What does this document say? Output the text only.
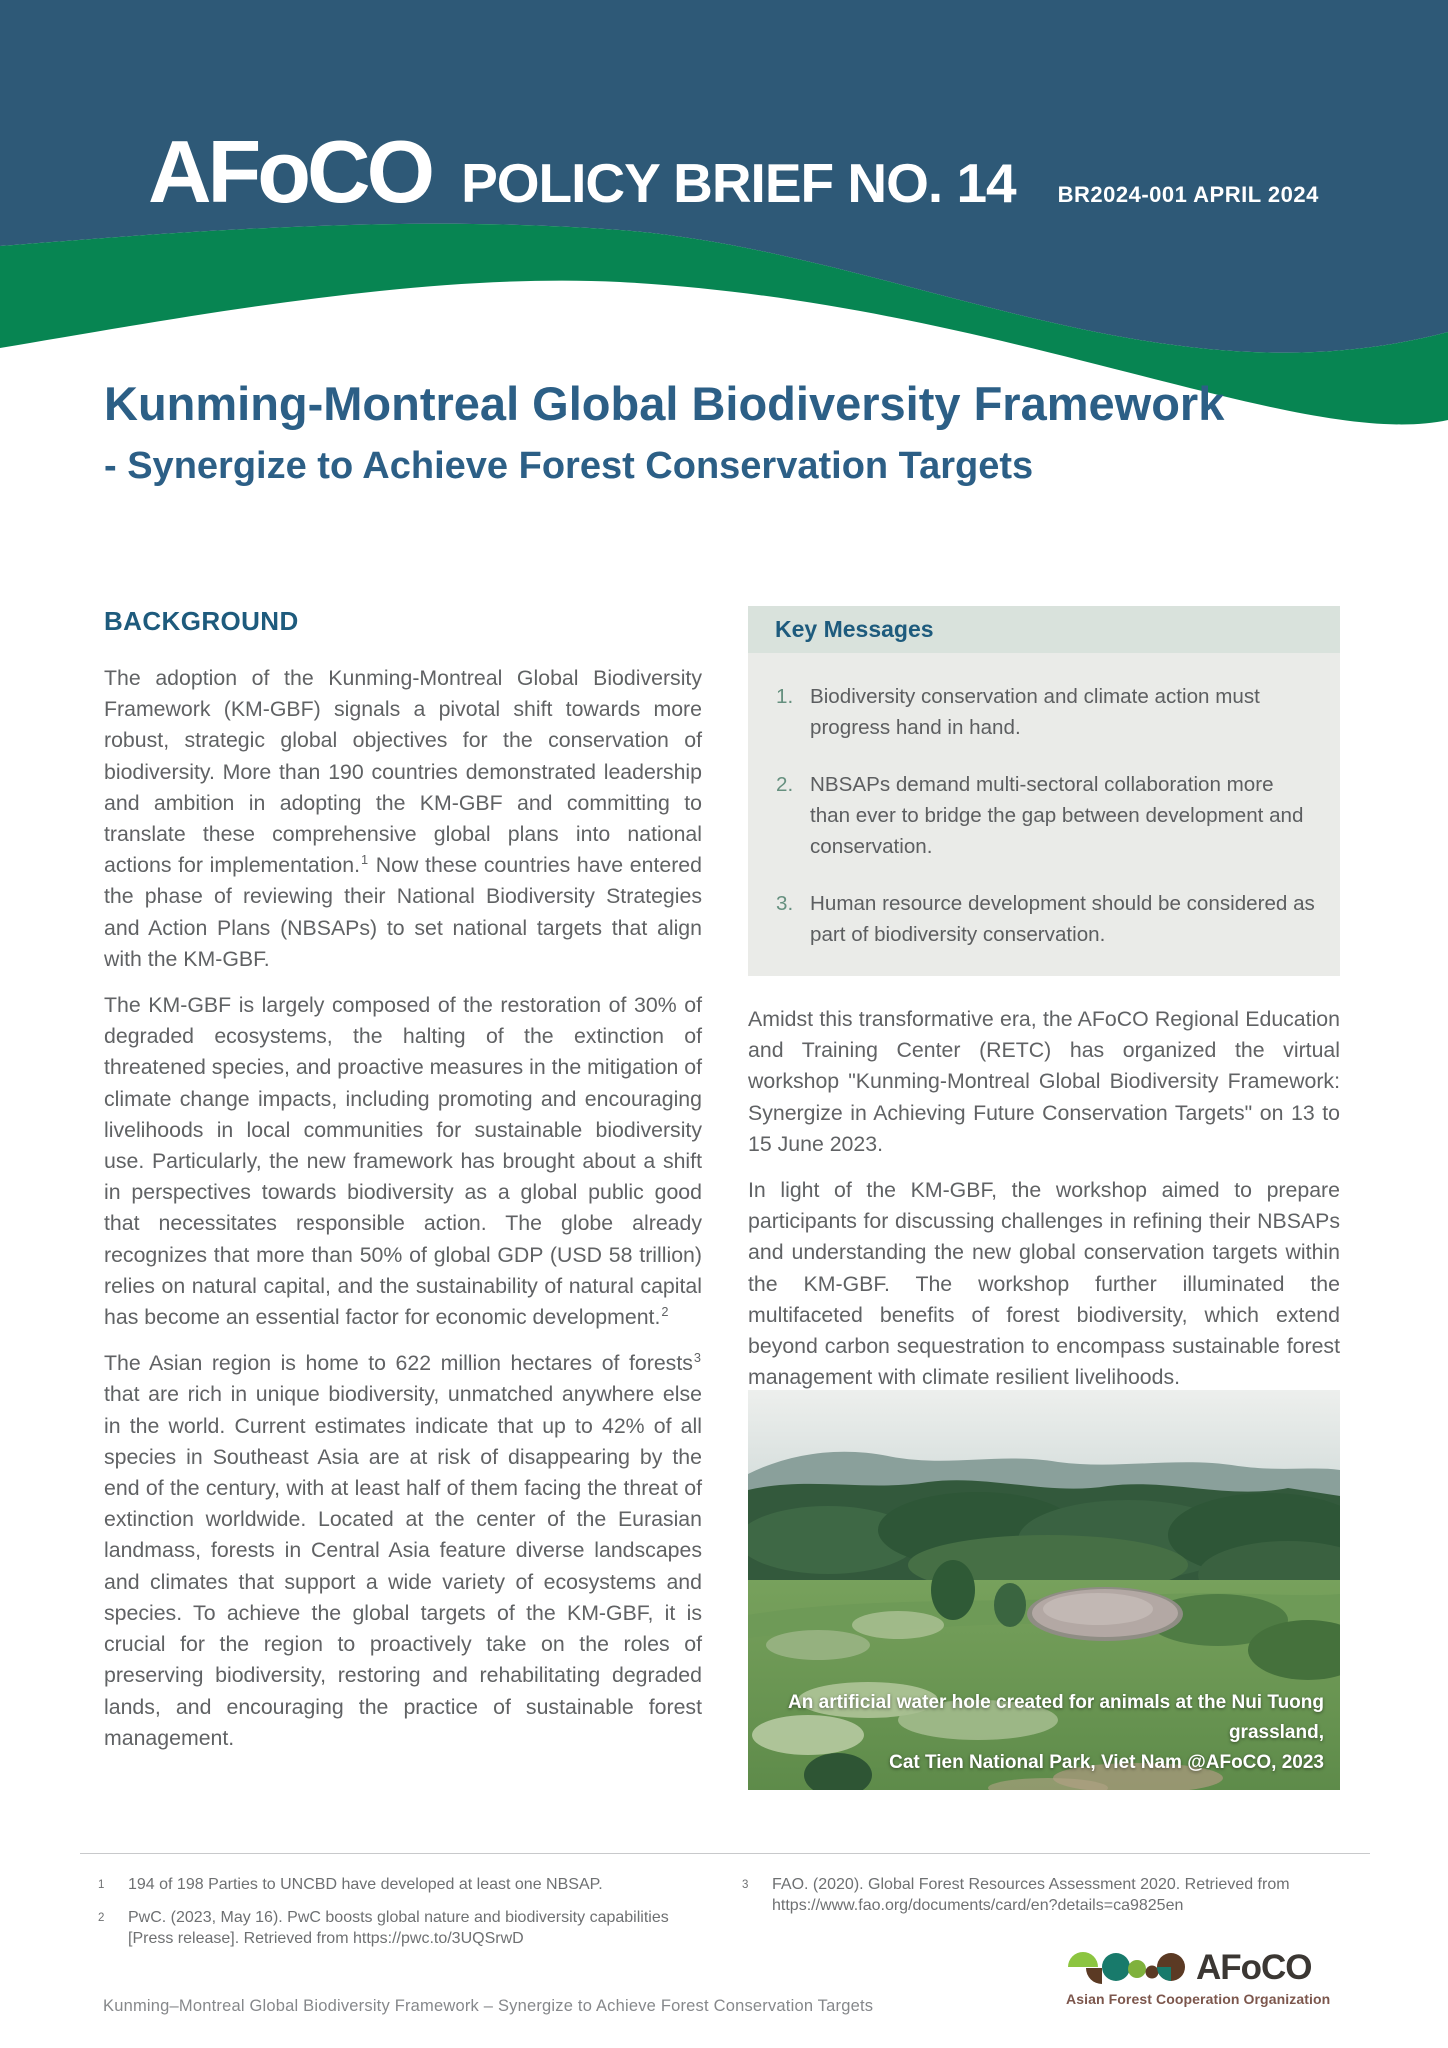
AFoCO POLICY BRIEF NO. 14 BR2024-001 APRIL 2024
Kunming-Montreal Global Biodiversity Framework
- Synergize to Achieve Forest Conservation Targets
BACKGROUND

The adoption of the Kunming-Montreal Global Biodiversity Framework (KM-GBF) signals a pivotal shift towards more robust, strategic global objectives for the conservation of biodiversity. More than 190 countries demonstrated leadership and ambition in adopting the KM-GBF and committing to translate these comprehensive global plans into national actions for implementation.$^1$ Now these countries have entered the phase of reviewing their National Biodiversity Strategies and Action Plans (NBSAPs) to set national targets that align with the KM-GBF.

The KM-GBF is largely composed of the restoration of 30% of degraded ecosystems, the halting of the extinction of threatened species, and proactive measures in the mitigation of climate change impacts, including promoting and encouraging livelihoods in local communities for sustainable biodiversity use. Particularly, the new framework has brought about a shift in perspectives towards biodiversity as a global public good that necessitates responsible action. The globe already recognizes that more than 50% of global GDP (USD 58 trillion) relies on natural capital, and the sustainability of natural capital has become an essential factor for economic development.$^2$

The Asian region is home to 622 million hectares of forests$^3$ that are rich in unique biodiversity, unmatched anywhere else in the world. Current estimates indicate that up to 42% of all species in Southeast Asia are at risk of disappearing by the end of the century, with at least half of them facing the threat of extinction worldwide. Located at the center of the Eurasian landmass, forests in Central Asia feature diverse landscapes and climates that support a wide variety of ecosystems and species. To achieve the global targets of the KM-GBF, it is crucial for the region to proactively take on the roles of preserving biodiversity, restoring and rehabilitating degraded lands, and encouraging the practice of sustainable forest management.

Key Messages
1. Biodiversity conservation and climate action must progress hand in hand.
2. NBSAPs demand multi-sectoral collaboration more than ever to bridge the gap between development and conservation.
3. Human resource development should be considered as part of biodiversity conservation.

Amidst this transformative era, the AFoCO Regional Education and Training Center (RETC) has organized the virtual workshop "Kunming-Montreal Global Biodiversity Framework: Synergize in Achieving Future Conservation Targets" on 13 to 15 June 2023.

In light of the KM-GBF, the workshop aimed to prepare participants for discussing challenges in refining their NBSAPs and understanding the new global conservation targets within the KM-GBF. The workshop further illuminated the multifaceted benefits of forest biodiversity, which extend beyond carbon sequestration to encompass sustainable forest management with climate resilient livelihoods.

An artificial water hole created for animals at the Nui Tuong grassland,
Cat Tien National Park, Viet Nam @AFoCO, 2023
1	194 of 198 Parties to UNCBD have developed at least one NBSAP.
2	PwC. (2023, May 16). PwC boosts global nature and biodiversity capabilities [Press release]. Retrieved from https://pwc.to/3UQSrwD
3	FAO. (2020). Global Forest Resources Assessment 2020. Retrieved from https://www.fao.org/documents/card/en?details=ca9825en
Kunming–Montreal Global Biodiversity Framework – Synergize to Achieve Forest Conservation Targets
AFoCO
Asian Forest Cooperation Organization
